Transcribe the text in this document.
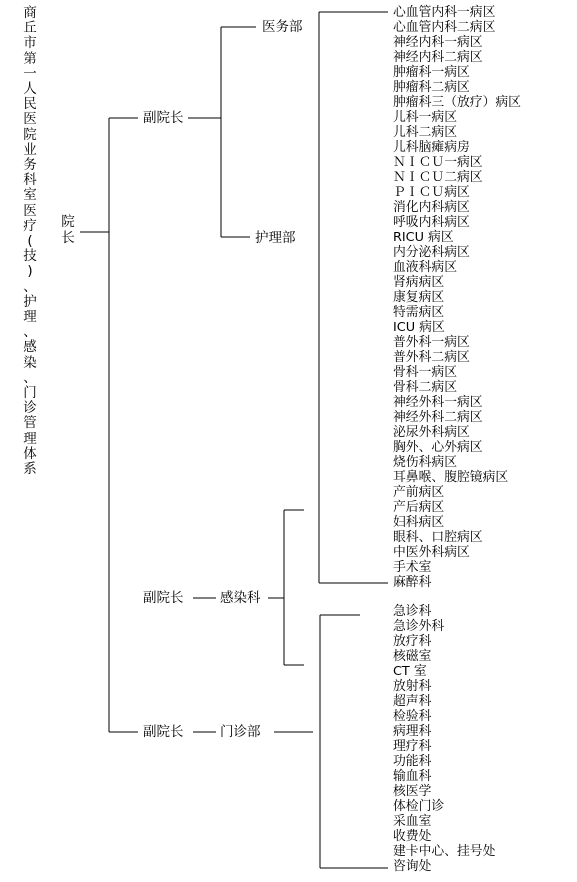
商
丘
市
第
一
人
民
医
院
业
务
科
室
医
疗
(
技
)
、
护
理
、
感
染
、
门
诊
管
理
体
系
院
长
副院长
副院长
副院长
医务部
护理部
感染科
门诊部
心血管内科一病区
心血管内科二病区
神经内科一病区
神经内科二病区
肿瘤科一病区
肿瘤科二病区
肿瘤科三（放疗）病区
儿科一病区
儿科二病区
儿科脑瘫病房
ＮＩＣＵ一病区
ＮＩＣＵ二病区
ＰＩＣＵ病区
消化内科病区
呼吸内科病区
RICU 病区
内分泌科病区
血液科病区
肾病病区
康复病区
特需病区
ICU 病区
普外科一病区
普外科二病区
骨科一病区
骨科二病区
神经外科一病区
神经外科二病区
泌尿外科病区
胸外、心外病区
烧伤科病区
耳鼻喉、腹腔镜病区
产前病区
产后病区
妇科病区
眼科、口腔病区
中医外科病区
手术室
麻醉科
急诊科
急诊外科
放疗科
核磁室
CT 室
放射科
超声科
检验科
病理科
理疗科
功能科
输血科
核医学
体检门诊
采血室
收费处
建卡中心、挂号处
咨询处
